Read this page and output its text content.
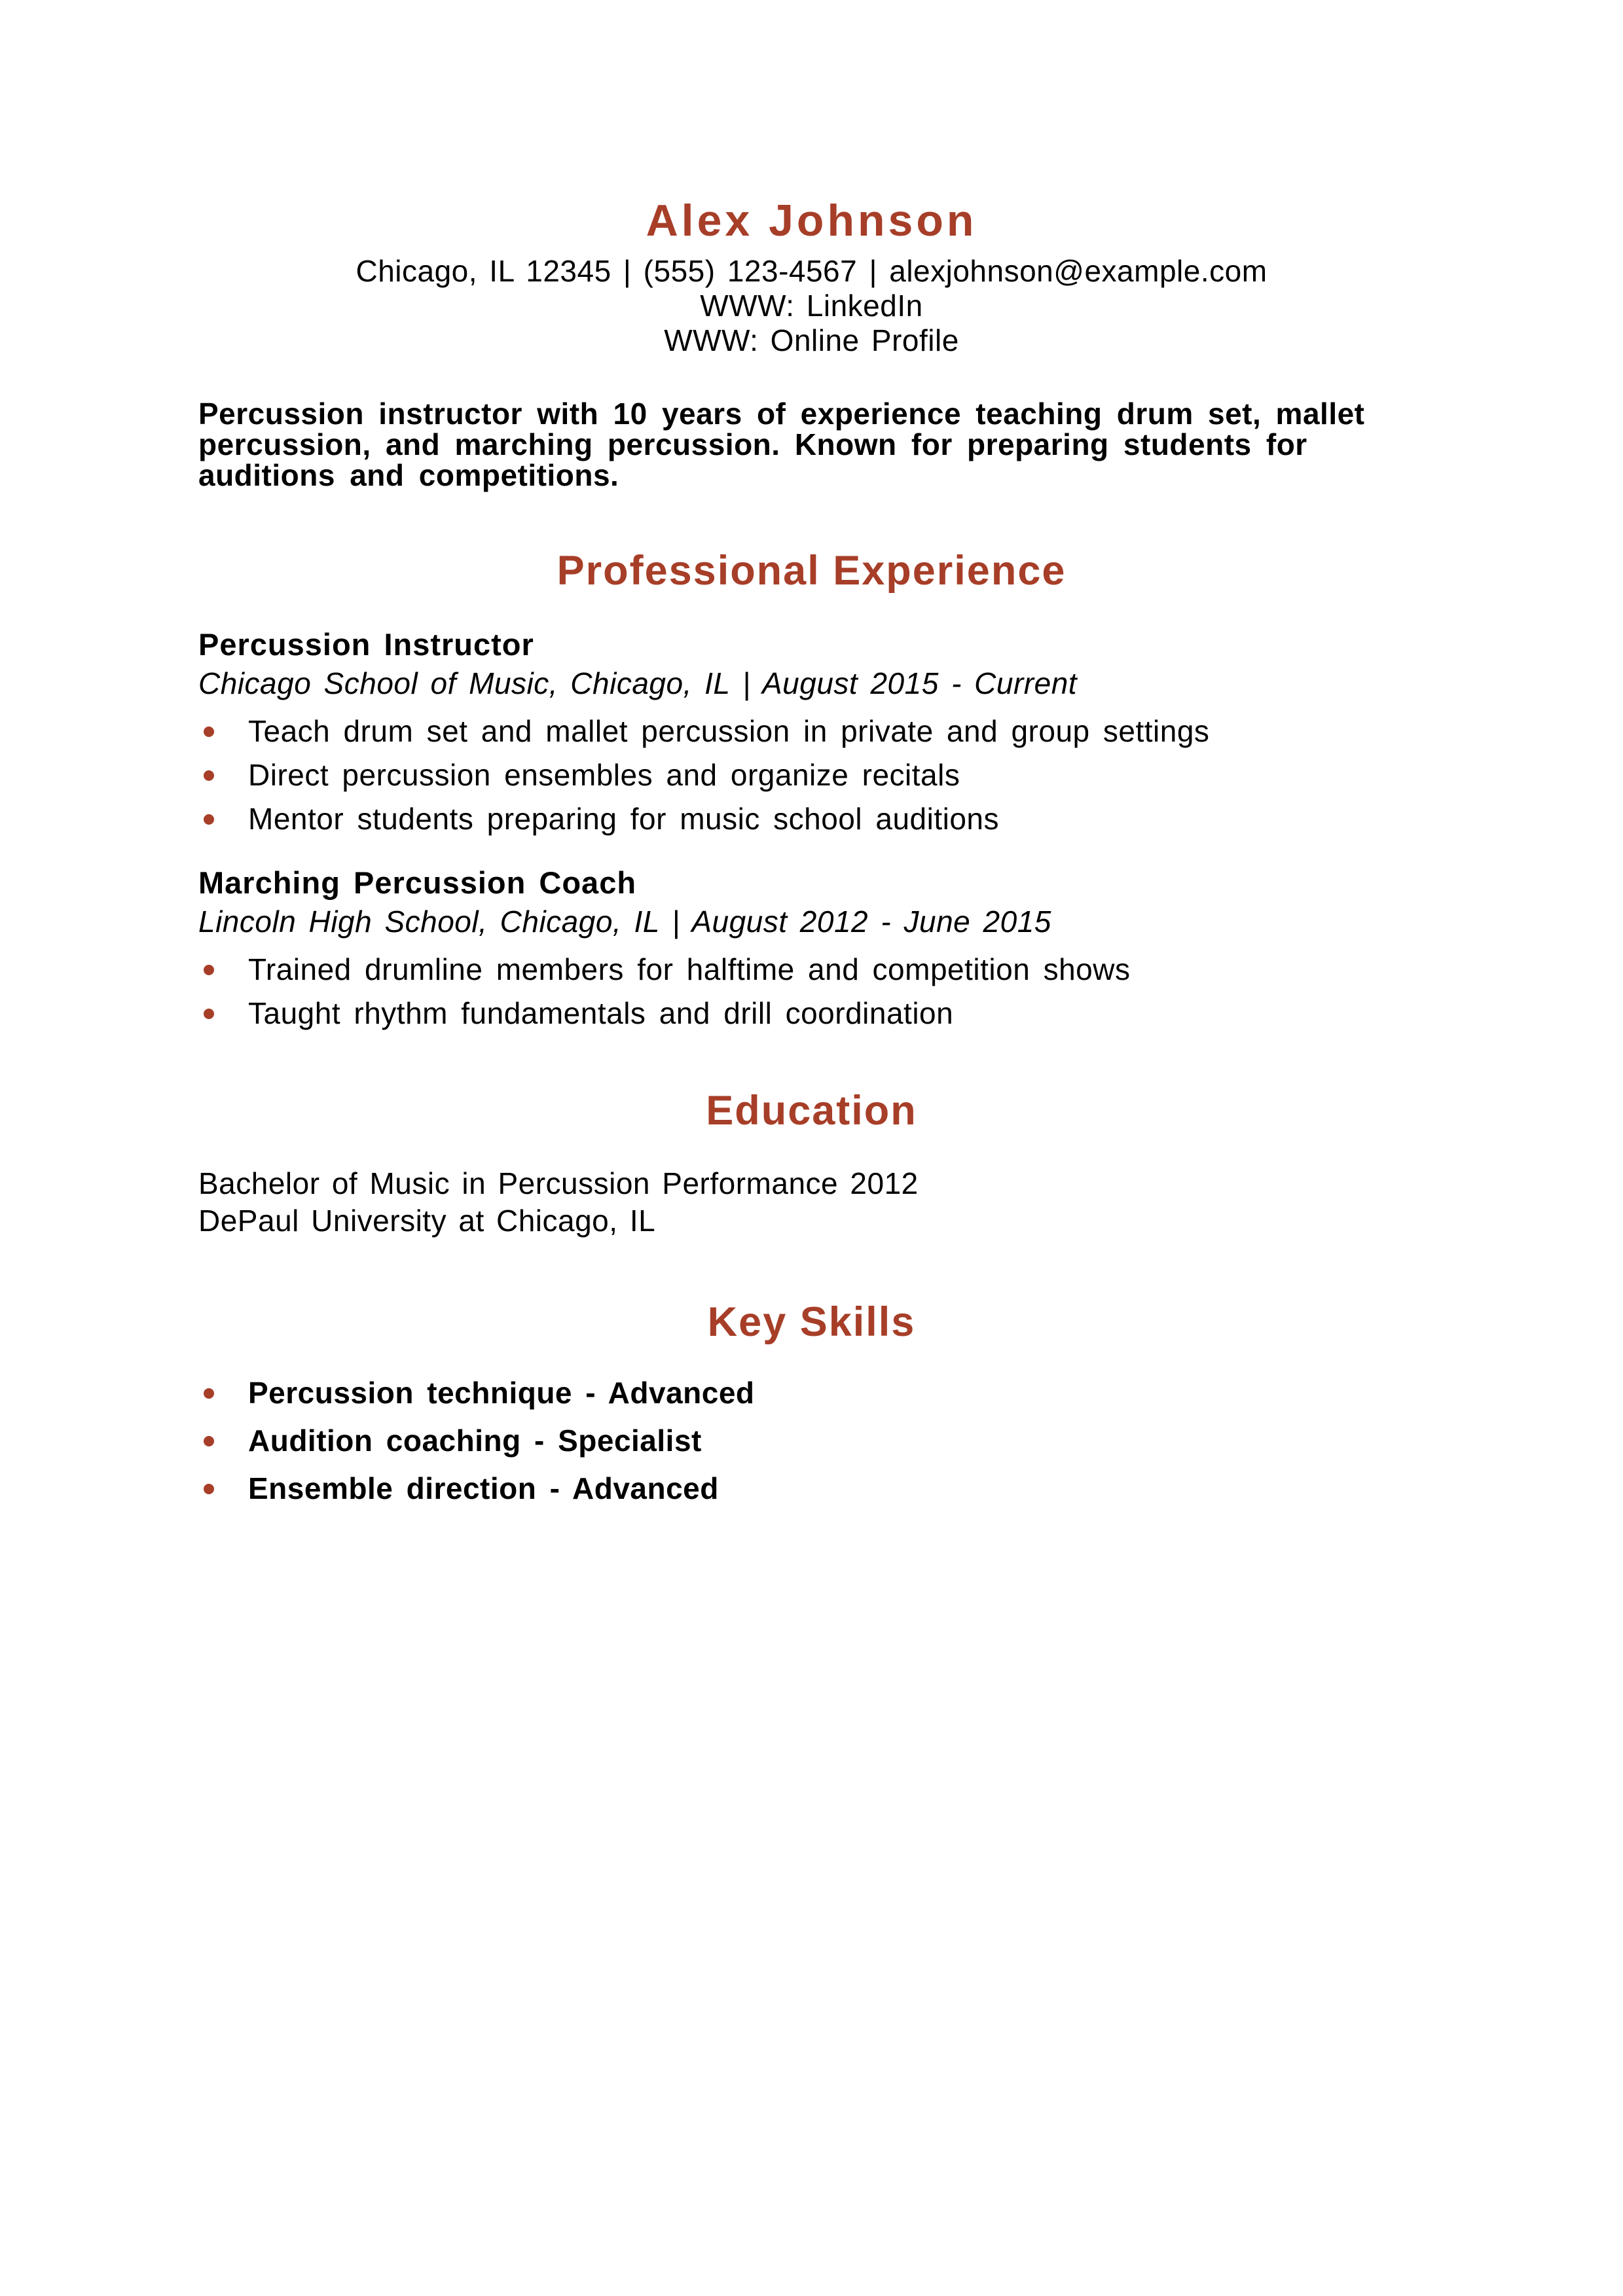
Alex Johnson
Chicago, IL 12345 | (555) 123-4567 | alexjohnson@example.com
WWW: LinkedIn
WWW: Online Profile

Percussion instructor with 10 years of experience teaching drum set, mallet percussion, and marching percussion. Known for preparing students for auditions and competitions.

Professional Experience
Percussion Instructor
Chicago School of Music, Chicago, IL | August 2015 - Current
Teach drum set and mallet percussion in private and group settings
Direct percussion ensembles and organize recitals
Mentor students preparing for music school auditions
Marching Percussion Coach
Lincoln High School, Chicago, IL | August 2012 - June 2015
Trained drumline members for halftime and competition shows
Taught rhythm fundamentals and drill coordination
Education
Bachelor of Music in Percussion Performance 2012
DePaul University at Chicago, IL
Key Skills
Percussion technique - Advanced
Audition coaching - Specialist
Ensemble direction - Advanced
